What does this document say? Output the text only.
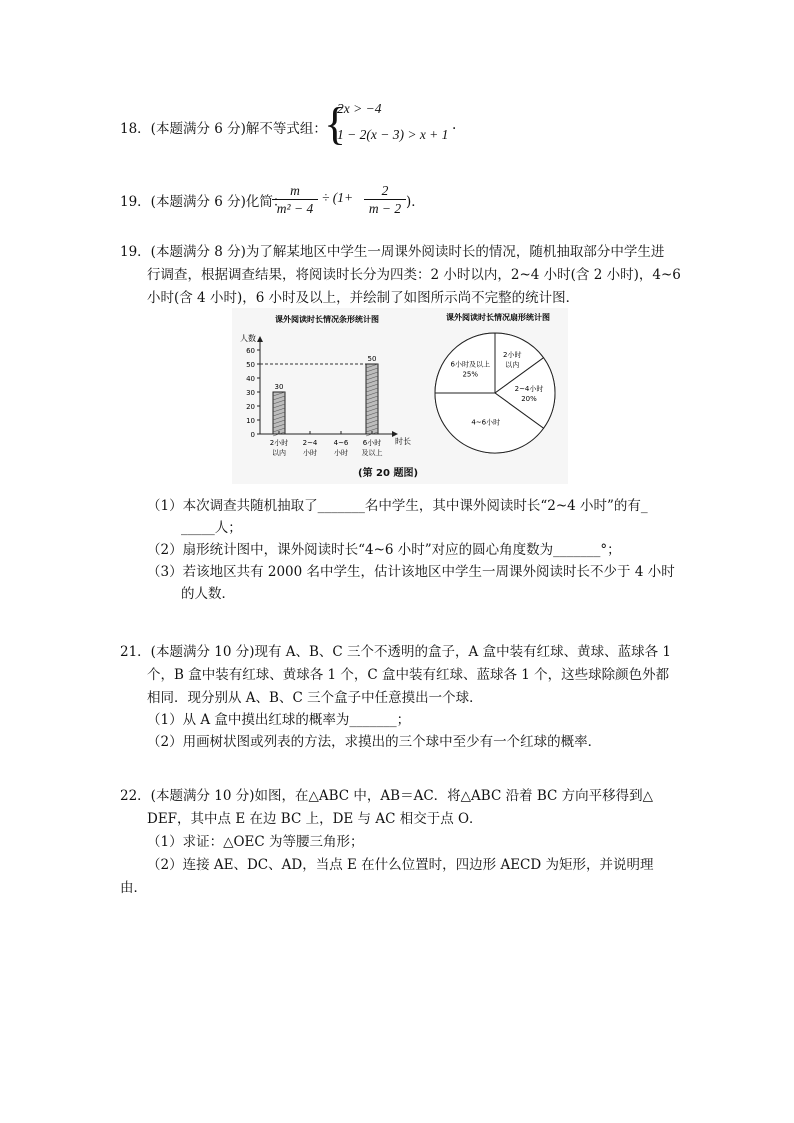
18．(本题满分 6 分)解不等式组：
{
2x > −4
1 − 2(x − 3) > x + 1
.
19．(本题满分 6 分)化简：
m
m² − 4
÷ (1+	2
m − 2 )．
19．(本题满分 8 分)为了解某地区中学生一周课外阅读时长的情况，随机抽取部分中学生进
行调查，根据调查结果，将阅读时长分为四类：2 小时以内，2~4 小时(含 2 小时)，4~6
小时(含 4 小时)，6 小时及以上，并绘制了如图所示尚不完整的统计图．
课外阅读时长情况条形统计图
人数
0
10
20
30
40
50
60
30
50
2小时
以内
2~4
小时
4~6
小时
6小时
及以上
时长
课外阅读时长情况扇形统计图
6小时及以上
25%
2小时
以内
2~4小时
20%
4~6小时
(第 20 题图)
（1）本次调查共随机抽取了_______名中学生，其中课外阅读时长“2~4 小时”的有_
_____人；
（2）扇形统计图中，课外阅读时长“4~6 小时”对应的圆心角度数为_______°；
（3）若该地区共有 2000 名中学生，估计该地区中学生一周课外阅读时长不少于 4 小时
的人数．
21．(本题满分 10 分)现有 A、B、C 三个不透明的盒子，A 盒中装有红球、黄球、蓝球各 1
个，B 盒中装有红球、黄球各 1 个，C 盒中装有红球、蓝球各 1 个，这些球除颜色外都
相同．现分别从 A、B、C 三个盒子中任意摸出一个球．
（1）从 A 盒中摸出红球的概率为_______；
（2）用画树状图或列表的方法，求摸出的三个球中至少有一个红球的概率．
22．(本题满分 10 分)如图，在△ABC 中，AB＝AC．将△ABC 沿着 BC 方向平移得到△
DEF，其中点 E 在边 BC 上，DE 与 AC 相交于点 O．
（1）求证：△OEC 为等腰三角形；
（2）连接 AE、DC、AD，当点 E 在什么位置时，四边形 AECD 为矩形，并说明理
由．
